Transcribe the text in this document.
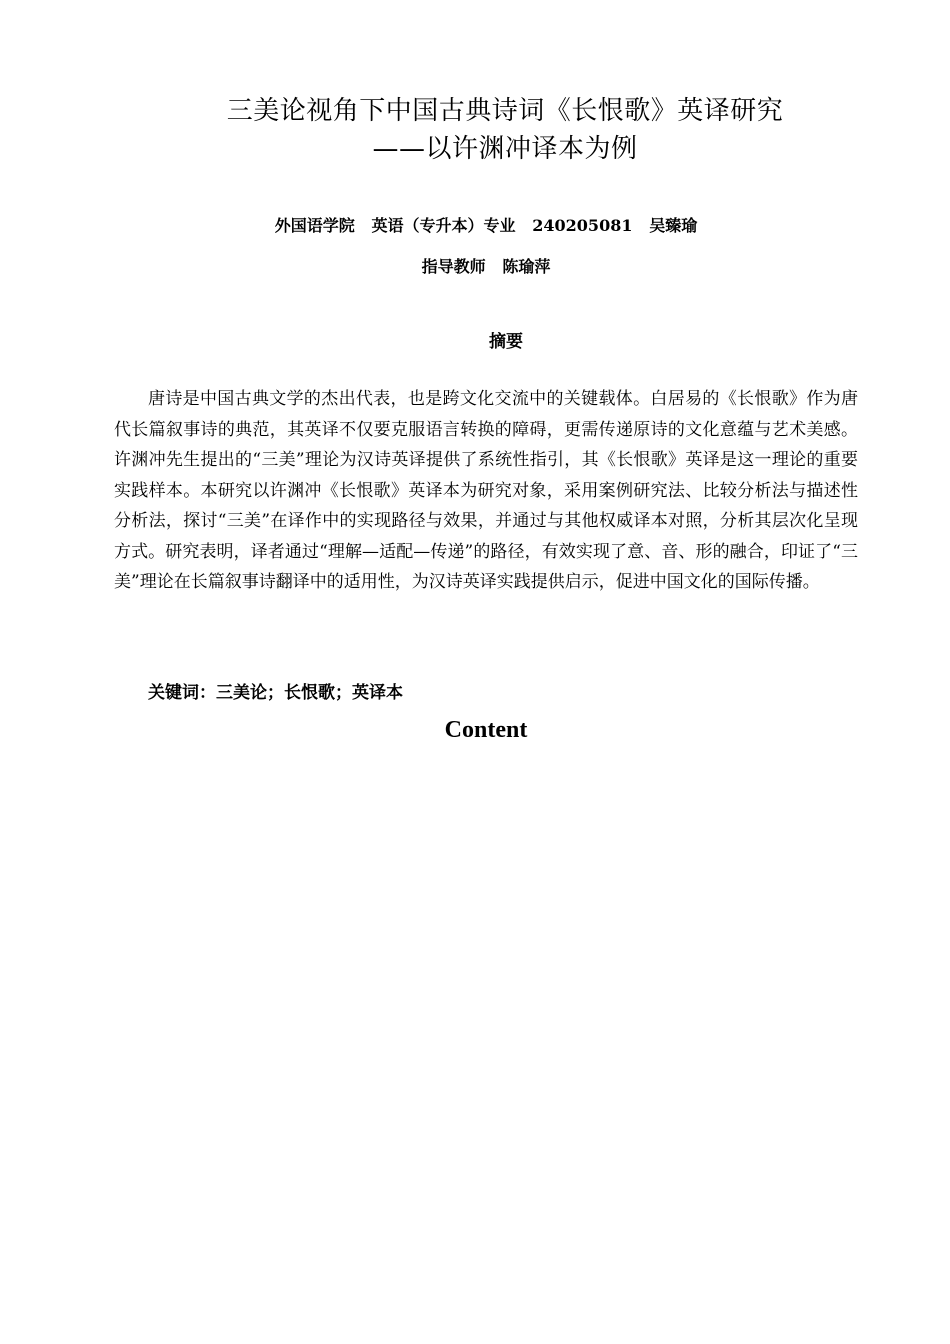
三美论视角下中国古典诗词《长恨歌》英译研究
——以许渊冲译本为例
外国语学院 英语（专升本）专业 240205081 吴臻瑜
指导教师 陈瑜萍
摘要
唐诗是中国古典文学的杰出代表，也是跨文化交流中的关键载体。白居易的《长恨歌》作为唐代长篇叙事诗的典范，其英译不仅要克服语言转换的障碍，更需传递原诗的文化意蕴与艺术美感。许渊冲先生提出的“三美”理论为汉诗英译提供了系统性指引，其《长恨歌》英译是这一理论的重要实践样本。本研究以许渊冲《长恨歌》英译本为研究对象，采用案例研究法、比较分析法与描述性分析法，探讨“三美”在译作中的实现路径与效果，并通过与其他权威译本对照，分析其层次化呈现方式。研究表明，译者通过“理解—适配—传递”的路径，有效实现了意、音、形的融合，印证了“三美”理论在长篇叙事诗翻译中的适用性，为汉诗英译实践提供启示，促进中国文化的国际传播。
关键词：三美论；长恨歌；英译本
Content
